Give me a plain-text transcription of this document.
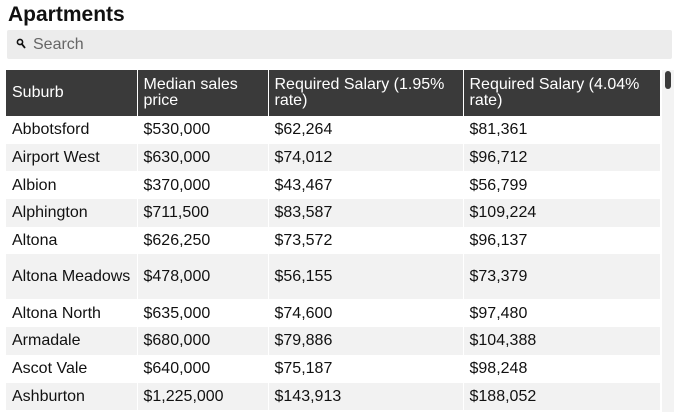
Apartments
Search
Suburb	Median sales price	Required Salary (1.95% rate)	Required Salary (4.04% rate)
Abbotsford	$530,000	$62,264	$81,361
Airport West	$630,000	$74,012	$96,712
Albion	$370,000	$43,467	$56,799
Alphington	$711,500	$83,587	$109,224
Altona	$626,250	$73,572	$96,137
Altona Meadows	$478,000	$56,155	$73,379
Altona North	$635,000	$74,600	$97,480
Armadale	$680,000	$79,886	$104,388
Ascot Vale	$640,000	$75,187	$98,248
Ashburton	$1,225,000	$143,913	$188,052
